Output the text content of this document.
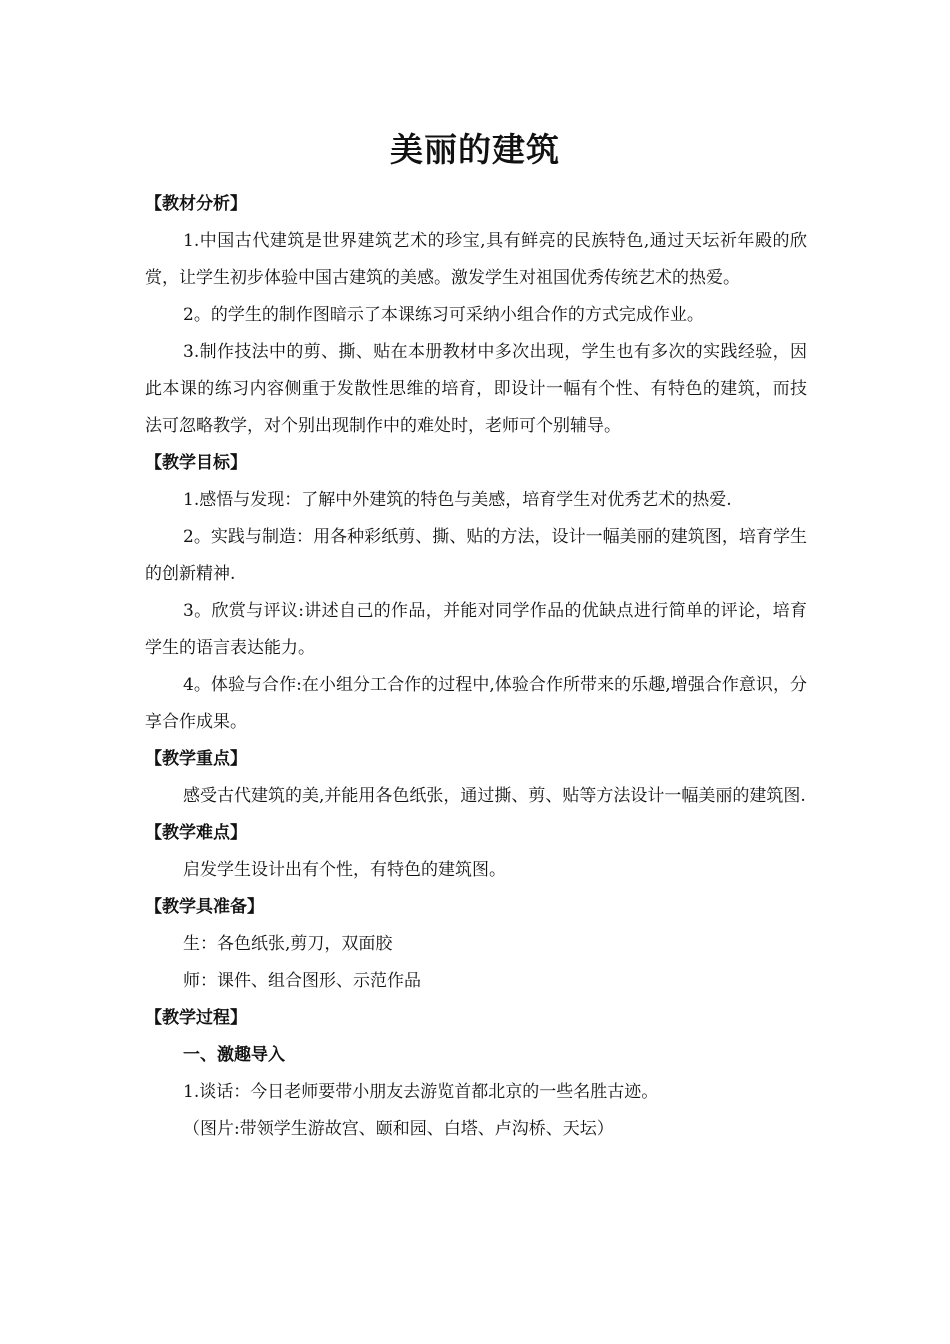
美丽的建筑

【教材分析】

1.中国古代建筑是世界建筑艺术的珍宝,具有鲜亮的民族特色,通过天坛祈年殿的欣赏，让学生初步体验中国古建筑的美感。激发学生对祖国优秀传统艺术的热爱。

2。的学生的制作图暗示了本课练习可采纳小组合作的方式完成作业。

3.制作技法中的剪、撕、贴在本册教材中多次出现，学生也有多次的实践经验，因此本课的练习内容侧重于发散性思维的培育，即设计一幅有个性、有特色的建筑，而技法可忽略教学，对个别出现制作中的难处时，老师可个别辅导。

【教学目标】

1.感悟与发现：了解中外建筑的特色与美感，培育学生对优秀艺术的热爱.

2。实践与制造：用各种彩纸剪、撕、贴的方法，设计一幅美丽的建筑图，培育学生的创新精神.

3。欣赏与评议:讲述自己的作品，并能对同学作品的优缺点进行简单的评论，培育学生的语言表达能力。

4。体验与合作:在小组分工合作的过程中,体验合作所带来的乐趣,增强合作意识，分享合作成果。

【教学重点】

感受古代建筑的美,并能用各色纸张，通过撕、剪、贴等方法设计一幅美丽的建筑图.

【教学难点】

启发学生设计出有个性，有特色的建筑图。

【教学具准备】

生：各色纸张,剪刀，双面胶

师：课件、组合图形、示范作品

【教学过程】

一、激趣导入

1.谈话：今日老师要带小朋友去游览首都北京的一些名胜古迹。

（图片:带领学生游故宫、颐和园、白塔、卢沟桥、天坛）
